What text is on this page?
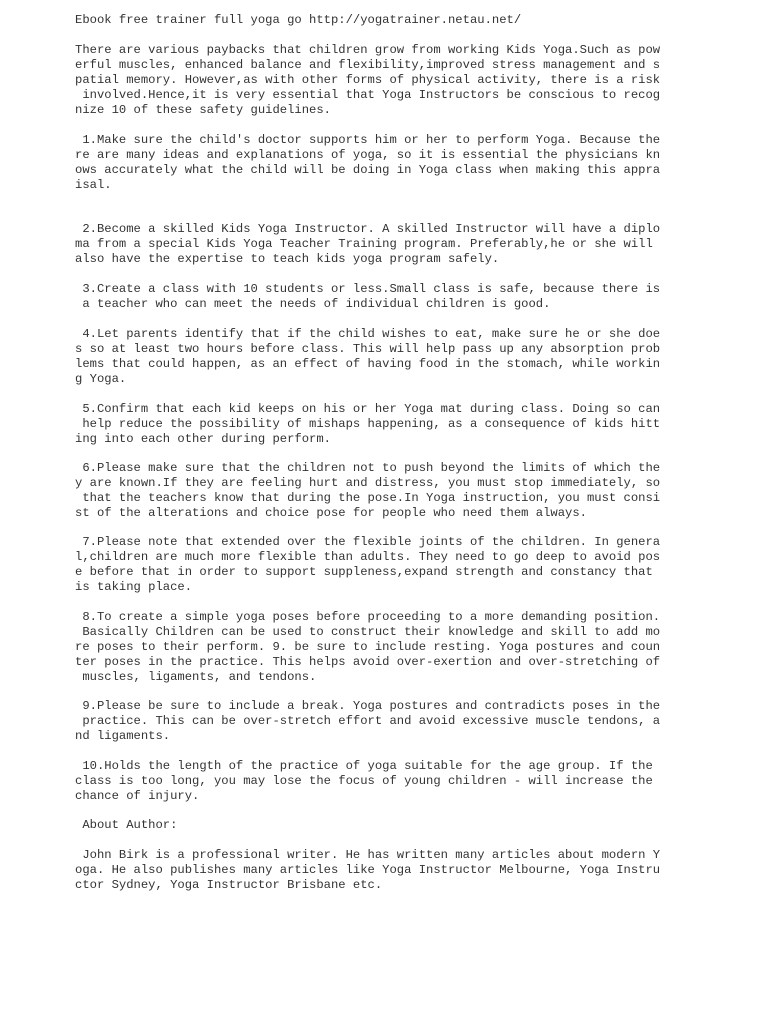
Ebook free trainer full yoga go http://yogatrainer.netau.net/

There are various paybacks that children grow from working Kids Yoga.Such as pow

erful muscles, enhanced balance and flexibility,improved stress management and s

patial memory. However,as with other forms of physical activity, there is a risk

involved.Hence,it is very essential that Yoga Instructors be conscious to recog

nize 10 of these safety guidelines.

1.Make sure the child's doctor supports him or her to perform Yoga. Because the

re are many ideas and explanations of yoga, so it is essential the physicians kn

ows accurately what the child will be doing in Yoga class when making this appra

isal.

2.Become a skilled Kids Yoga Instructor. A skilled Instructor will have a diplo

ma from a special Kids Yoga Teacher Training program. Preferably,he or she will

also have the expertise to teach kids yoga program safely.

3.Create a class with 10 students or less.Small class is safe, because there is

a teacher who can meet the needs of individual children is good.

4.Let parents identify that if the child wishes to eat, make sure he or she doe

s so at least two hours before class. This will help pass up any absorption prob

lems that could happen, as an effect of having food in the stomach, while workin

g Yoga.

5.Confirm that each kid keeps on his or her Yoga mat during class. Doing so can

help reduce the possibility of mishaps happening, as a consequence of kids hitt

ing into each other during perform.

6.Please make sure that the children not to push beyond the limits of which the

y are known.If they are feeling hurt and distress, you must stop immediately, so

that the teachers know that during the pose.In Yoga instruction, you must consi

st of the alterations and choice pose for people who need them always.

7.Please note that extended over the flexible joints of the children. In genera

l,children are much more flexible than adults. They need to go deep to avoid pos

e before that in order to support suppleness,expand strength and constancy that

is taking place.

8.To create a simple yoga poses before proceeding to a more demanding position.

Basically Children can be used to construct their knowledge and skill to add mo

re poses to their perform. 9. be sure to include resting. Yoga postures and coun

ter poses in the practice. This helps avoid over-exertion and over-stretching of

muscles, ligaments, and tendons.

9.Please be sure to include a break. Yoga postures and contradicts poses in the

practice. This can be over-stretch effort and avoid excessive muscle tendons, a

nd ligaments.

10.Holds the length of the practice of yoga suitable for the age group. If the

class is too long, you may lose the focus of young children - will increase the

chance of injury.

About Author:

John Birk is a professional writer. He has written many articles about modern Y

oga. He also publishes many articles like Yoga Instructor Melbourne, Yoga Instru

ctor Sydney, Yoga Instructor Brisbane etc.
